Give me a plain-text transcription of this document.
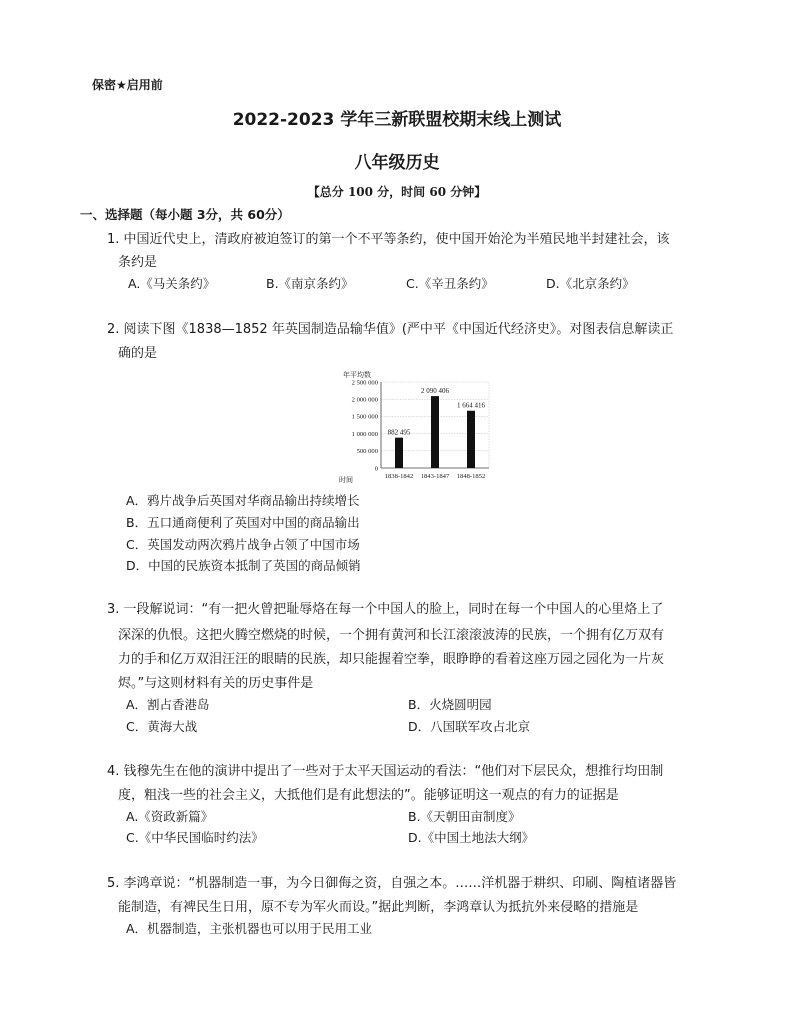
保密★启用前
2022-2023 学年三新联盟校期末线上测试
八年级历史
【总分 100 分，时间 60 分钟】
一、选择题（每小题 3分，共 60分）
1. 中国近代史上，清政府被迫签订的第一个不平等条约，使中国开始沦为半殖民地半封建社会，该
条约是
A.《马关条约》	B.《南京条约》	C.《辛丑条约》	D.《北京条约》
2. 阅读下图《1838—1852 年英国制造品输华值》(严中平《中国近代经济史》。对图表信息解读正
确的是
年平均数
时间
0
500 000
1 000 000
1 500 000
2 000 000
2 500 000
882 495
2 090 406
1 664 416
1838-1842 1843-1847 1848-1852
A．鸦片战争后英国对华商品输出持续增长
B．五口通商便利了英国对中国的商品输出
C．英国发动两次鸦片战争占领了中国市场
D．中国的民族资本抵制了英国的商品倾销
3. 一段解说词：“有一把火曾把耻辱烙在每一个中国人的脸上，同时在每一个中国人的心里烙上了
深深的仇恨。这把火腾空燃烧的时候，一个拥有黄河和长江滚滚波涛的民族，一个拥有亿万双有
力的手和亿万双泪汪汪的眼睛的民族，却只能握着空拳，眼睁睁的看着这座万园之园化为一片灰
烬。”与这则材料有关的历史事件是
A．割占香港岛	B．火烧圆明园
C．黄海大战	D．八国联军攻占北京
4. 钱穆先生在他的演讲中提出了一些对于太平天国运动的看法：“他们对下层民众，想推行均田制
度，粗浅一些的社会主义，大抵他们是有此想法的”。能够证明这一观点的有力的证据是
A.《资政新篇》	B.《天朝田亩制度》
C.《中华民国临时约法》	D.《中国土地法大纲》
5. 李鸿章说：“机器制造一事，为今日御侮之资，自强之本。……洋机器于耕织、印刷、陶植诸器皆
能制造，有裨民生日用，原不专为军火而设。”据此判断，李鸿章认为抵抗外来侵略的措施是
A．机器制造，主张机器也可以用于民用工业
